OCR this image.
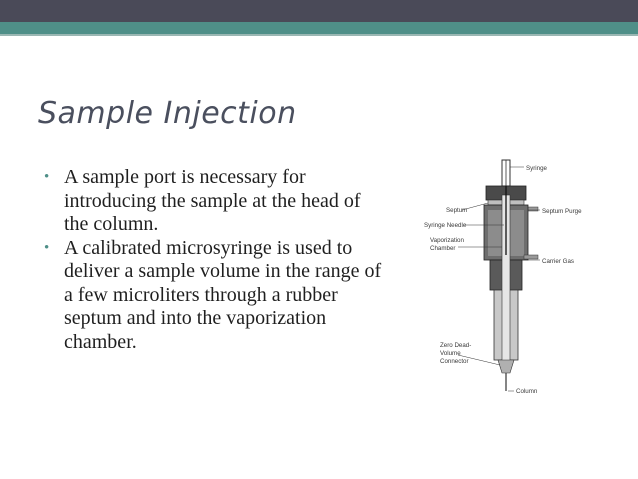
Sample Injection
• A sample port is necessary for introducing the sample at the head of the column.
• A calibrated microsyringe is used to deliver a sample volume in the range of a few microliters through a rubber septum and into the vaporization chamber.
Syringe
Septum	Septum Purge
Syringe Needle
Vaporization
Chamber
Carrier Gas
Zero Dead-
Volume
Connector
Column
